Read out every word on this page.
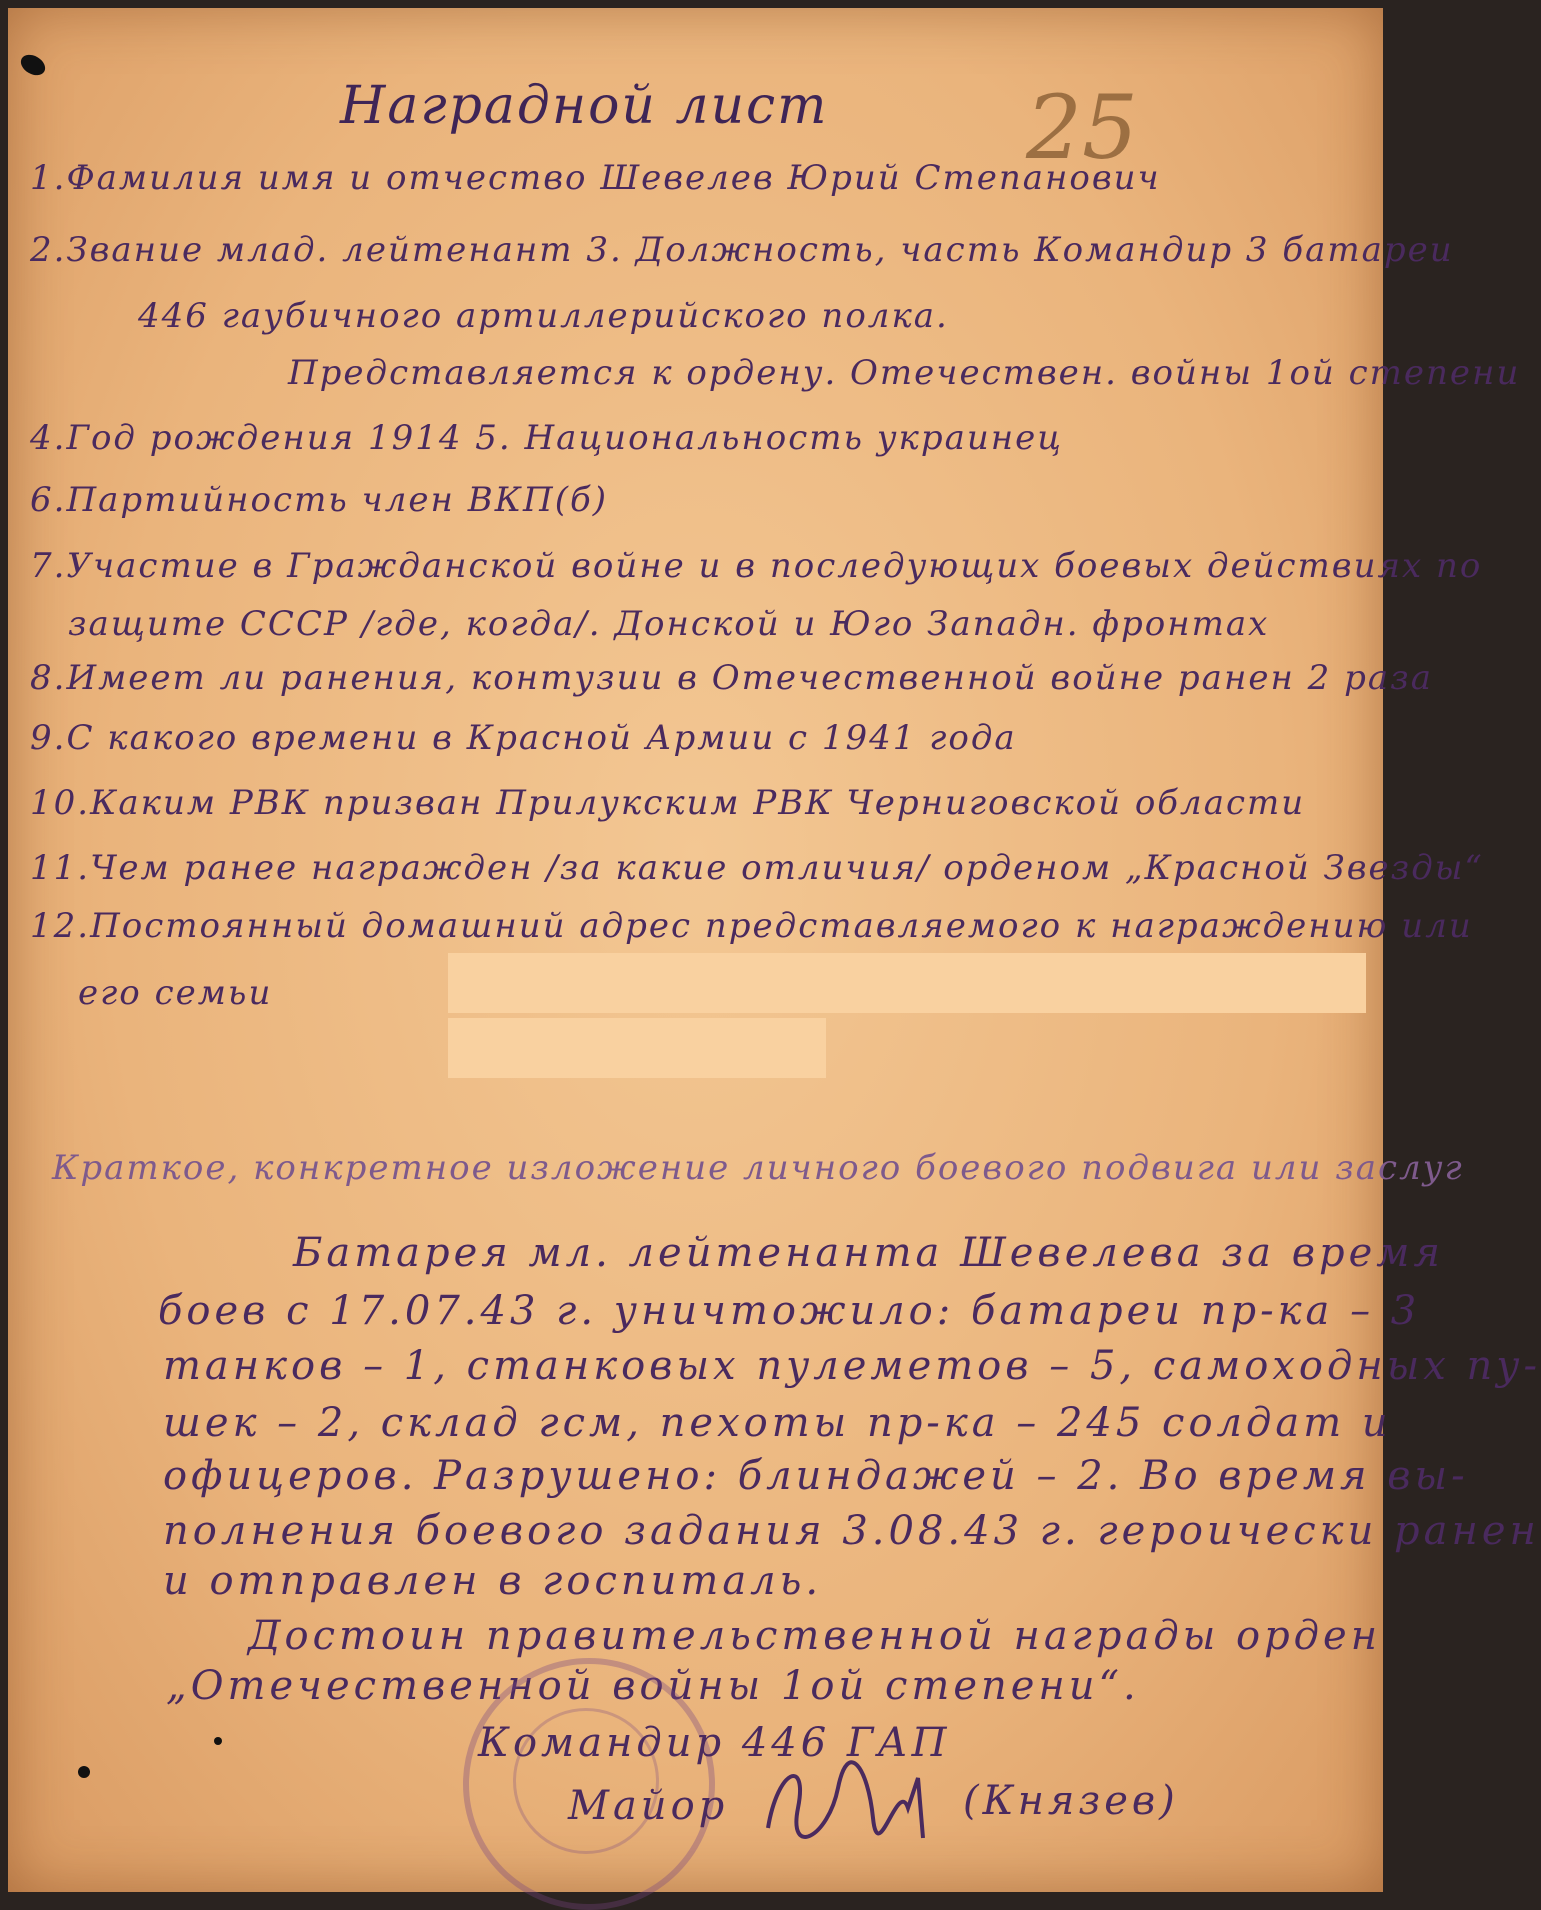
Наградной лист 25
1.Фамилия имя и отчество Шевелев Юрий Степанович
2.Звание млад. лейтенант 3. Должность, часть Командир 3 батареи
446 гаубичного артиллерийского полка.
Представляется к ордену. Отечествен. войны 1ой степени
4.Год рождения 1914 5. Национальность украинец
6.Партийность член ВКП(б)
7.Участие в Гражданской войне и в последующих боевых действиях по
защите СССР /где, когда/. Донской и Юго Западн. фронтах
8.Имеет ли ранения, контузии в Отечественной войне ранен 2 раза
9.С какого времени в Красной Армии с 1941 года
10.Каким РВК призван Прилукским РВК Черниговской области
11.Чем ранее награжден /за какие отличия/ орденом „Красной Звезды“
12.Постоянный домашний адрес представляемого к награждению или
его семьи
Краткое, конкретное изложение личного боевого подвига или заслуг
Батарея мл. лейтенанта Шевелева за время
боев с 17.07.43 г. уничтожило: батареи пр-ка – 3
танков – 1, станковых пулеметов – 5, самоходных пу-
шек – 2, склад гсм, пехоты пр-ка – 245 солдат и
офицеров. Разрушено: блиндажей – 2. Во время вы-
полнения боевого задания 3.08.43 г. героически ранен
и отправлен в госпиталь.
Достоин правительственной награды орден
„Отечественной войны 1ой степени“.
Командир 446 ГАП
Майор	(Князев)
